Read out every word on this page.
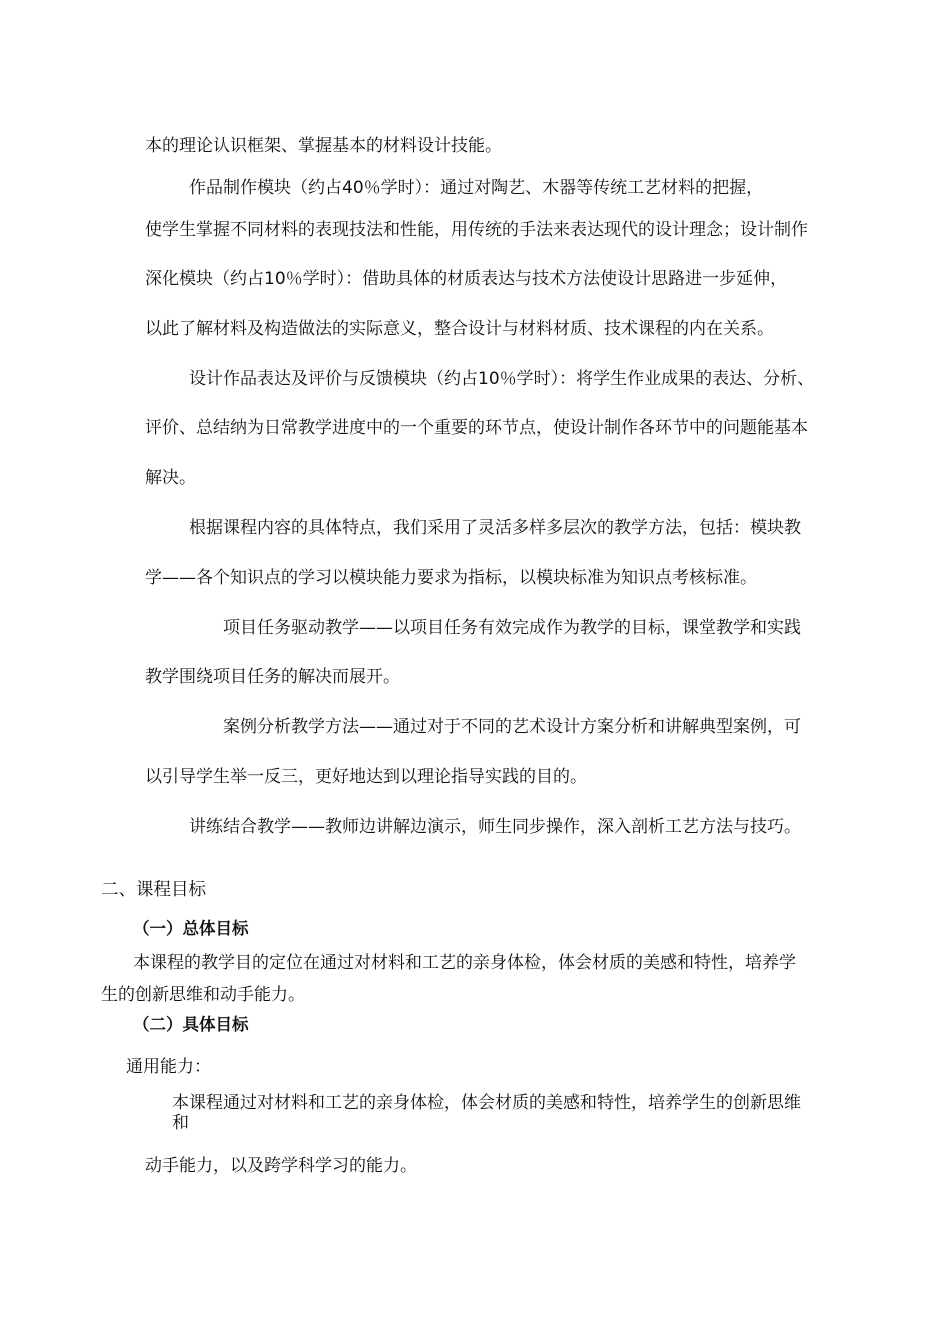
本的理论认识框架、掌握基本的材料设计技能。

作品制作模块（约占40％学时）：通过对陶艺、木器等传统工艺材料的把握，

使学生掌握不同材料的表现技法和性能，用传统的手法来表达现代的设计理念；设计制作

深化模块（约占10％学时）：借助具体的材质表达与技术方法使设计思路进一步延伸，

以此了解材料及构造做法的实际意义，整合设计与材料材质、技术课程的内在关系。

设计作品表达及评价与反馈模块（约占10％学时）：将学生作业成果的表达、分析、

评价、总结纳为日常教学进度中的一个重要的环节点，使设计制作各环节中的问题能基本

解决。

根据课程内容的具体特点，我们采用了灵活多样多层次的教学方法，包括：模块教

学——各个知识点的学习以模块能力要求为指标，以模块标准为知识点考核标准。

项目任务驱动教学——以项目任务有效完成作为教学的目标，课堂教学和实践

教学围绕项目任务的解决而展开。

案例分析教学方法——通过对于不同的艺术设计方案分析和讲解典型案例，可

以引导学生举一反三，更好地达到以理论指导实践的目的。

讲练结合教学——教师边讲解边演示，师生同步操作，深入剖析工艺方法与技巧。

二、课程目标

（一）总体目标

本课程的教学目的定位在通过对材料和工艺的亲身体检，体会材质的美感和特性，培养学

生的创新思维和动手能力。

（二）具体目标

通用能力：

本课程通过对材料和工艺的亲身体检，体会材质的美感和特性，培养学生的创新思维

和

动手能力，以及跨学科学习的能力。
